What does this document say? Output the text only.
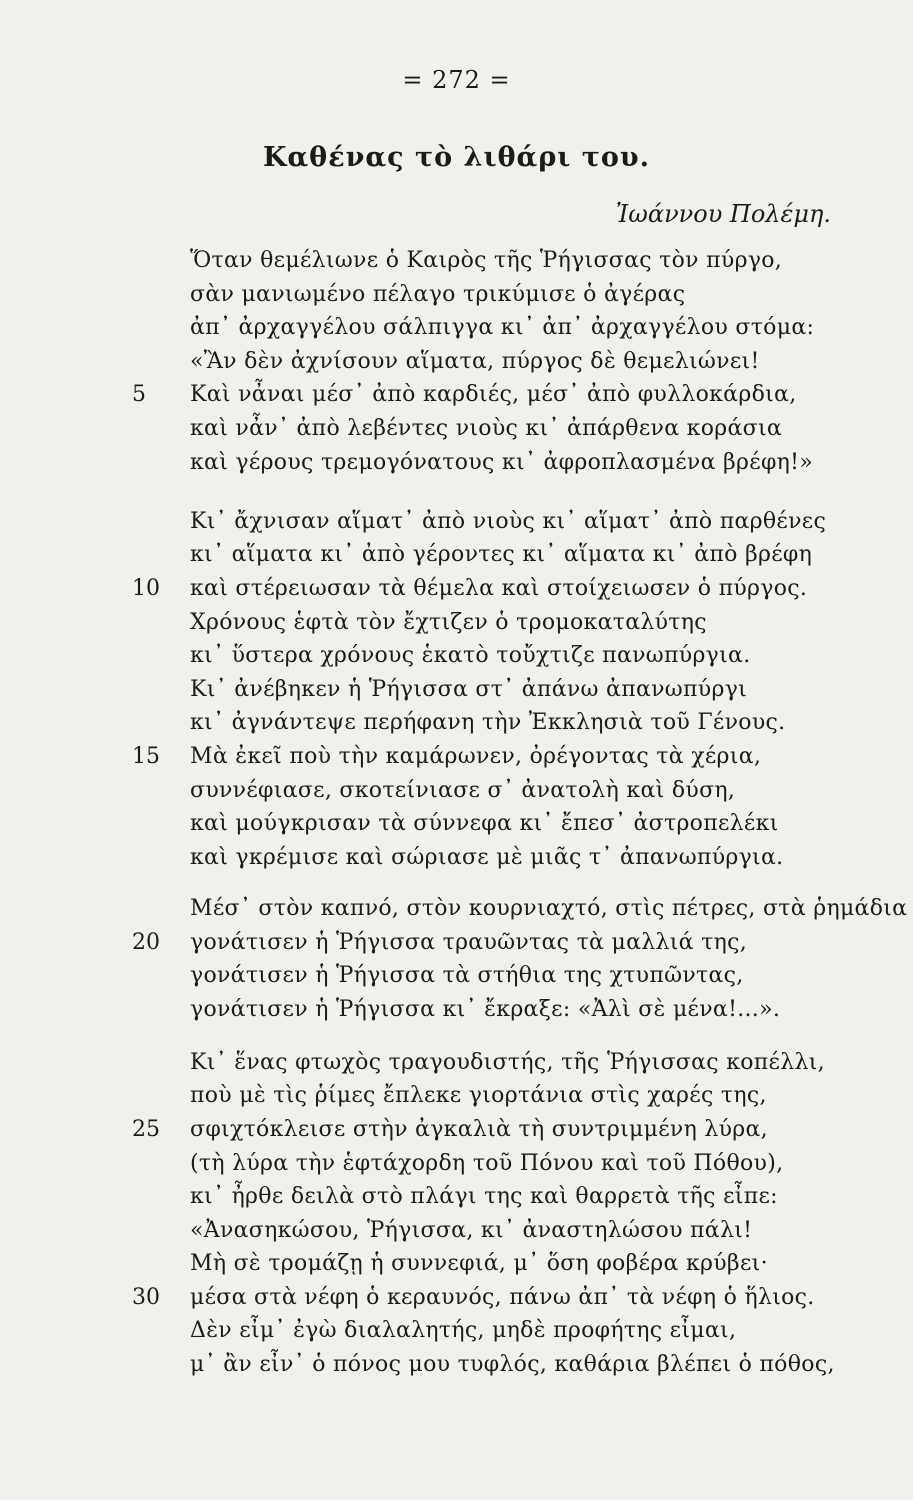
= 272 =
Καθένας τὸ λιθάρι του.
Ἰωάννου Πολέμη.
Ὅταν θεμέλιωνε ὁ Καιρὸς τῆς Ῥήγισσας τὸν πύργο,
σὰν μανιωμένο πέλαγο τρικύμισε ὁ ἀγέρας
ἀπ᾽ ἀρχαγγέλου σάλπιγγα κι᾽ ἀπ᾽ ἀρχαγγέλου στόμα:
«Ἂν δὲν ἀχνίσουν αἵματα, πύργος δὲ θεμελιώνει!
5 Καὶ νἆναι μέσ᾽ ἀπὸ καρδιές, μέσ᾽ ἀπὸ φυλλοκάρδια,
καὶ νἆν᾽ ἀπὸ λεβέντες νιοὺς κι᾽ ἀπάρθενα κοράσια
καὶ γέρους τρεμογόνατους κι᾽ ἀφροπλασμένα βρέφη!»
Κι᾽ ἄχνισαν αἵματ᾽ ἀπὸ νιοὺς κι᾽ αἵματ᾽ ἀπὸ παρθένες
κι᾽ αἵματα κι᾽ ἀπὸ γέροντες κι᾽ αἵματα κι᾽ ἀπὸ βρέφη
10 καὶ στέρειωσαν τὰ θέμελα καὶ στοίχειωσεν ὁ πύργος.
Χρόνους ἑφτὰ τὸν ἔχτιζεν ὁ τρομοκαταλύτης
κι᾽ ὕστερα χρόνους ἑκατὸ τοὔχτιζε πανωπύργια.
Κι᾽ ἀνέβηκεν ἡ Ῥήγισσα στ᾽ ἀπάνω ἀπανωπύργι
κι᾽ ἀγνάντεψε περήφανη τὴν Ἐκκλησιὰ τοῦ Γένους.
15 Μὰ ἐκεῖ ποὺ τὴν καμάρωνεν, ὀρέγοντας τὰ χέρια,
συννέφιασε, σκοτείνιασε σ᾽ ἀνατολὴ καὶ δύση,
καὶ μούγκρισαν τὰ σύννεφα κι᾽ ἔπεσ᾽ ἀστροπελέκι
καὶ γκρέμισε καὶ σώριασε μὲ μιᾶς τ᾽ ἀπανωπύργια.
Μέσ᾽ στὸν καπνό, στὸν κουρνιαχτό, στὶς πέτρες, στὰ ῥημάδια
20 γονάτισεν ἡ Ῥήγισσα τραυῶντας τὰ μαλλιά της,
γονάτισεν ἡ Ῥήγισσα τὰ στήθια της χτυπῶντας,
γονάτισεν ἡ Ῥήγισσα κι᾽ ἔκραξε: «Ἀλὶ σὲ μένα!...».
Κι᾽ ἕνας φτωχὸς τραγουδιστής, τῆς Ῥήγισσας κοπέλλι,
ποὺ μὲ τὶς ῥίμες ἔπλεκε γιορτάνια στὶς χαρές της,
25 σφιχτόκλεισε στὴν ἀγκαλιὰ τὴ συντριμμένη λύρα,
(τὴ λύρα τὴν ἑφτάχορδη τοῦ Πόνου καὶ τοῦ Πόθου),
κι᾽ ἦρθε δειλὰ στὸ πλάγι της καὶ θαρρετὰ τῆς εἶπε:
«Ἀνασηκώσου, Ῥήγισσα, κι᾽ ἀναστηλώσου πάλι!
Μὴ σὲ τρομάζῃ ἡ συννεφιά, μ᾽ ὅση φοβέρα κρύβει·
30 μέσα στὰ νέφη ὁ κεραυνός, πάνω ἀπ᾽ τὰ νέφη ὁ ἥλιος.
Δὲν εἶμ᾽ ἐγὼ διαλαλητής, μηδὲ προφήτης εἶμαι,
μ᾽ ἂν εἶν᾽ ὁ πόνος μου τυφλός, καθάρια βλέπει ὁ πόθος,
